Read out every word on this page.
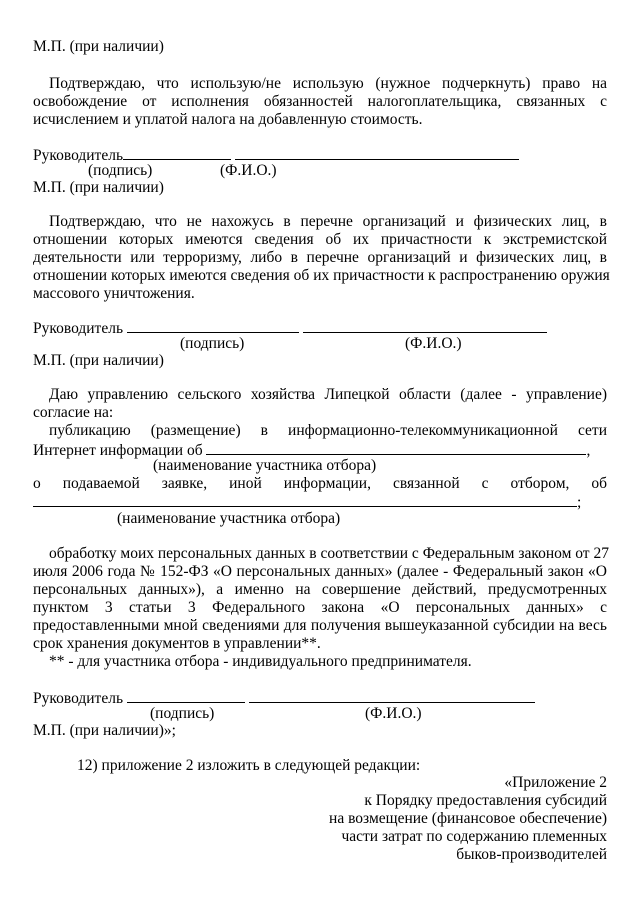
М.П. (при наличии)
Подтверждаю, что использую/не использую (нужное подчеркнуть) право на
освобождение от исполнения обязанностей налогоплательщика, связанных с
исчислением и уплатой налога на добавленную стоимость.
Руководитель
(подпись)	(Ф.И.О.)
М.П. (при наличии)
Подтверждаю, что не нахожусь в перечне организаций и физических лиц, в
отношении которых имеются сведения об их причастности к экстремистской
деятельности или терроризму, либо в перечне организаций и физических лиц, в
отношении которых имеются сведения об их причастности к распространению оружия
массового уничтожения.
Руководитель
(подпись)	(Ф.И.О.)
М.П. (при наличии)
Даю управлению сельского хозяйства Липецкой области (далее - управление)
согласие на:
публикацию (размещение) в информационно-телекоммуникационной сети
Интернет информации об	,
(наименование участника отбора)
о подаваемой заявке, иной информации, связанной с отбором, об
;
(наименование участника отбора)
обработку моих персональных данных в соответствии с Федеральным законом от 27
июля 2006 года № 152-ФЗ «О персональных данных» (далее - Федеральный закон «О
персональных данных»), а именно на совершение действий, предусмотренных
пунктом 3 статьи 3 Федерального закона «О персональных данных» с
предоставленными мной сведениями для получения вышеуказанной субсидии на весь
срок хранения документов в управлении**.
** - для участника отбора - индивидуального предпринимателя.
Руководитель
(подпись)	(Ф.И.О.)
М.П. (при наличии)»;
12) приложение 2 изложить в следующей редакции:
«Приложение 2
к Порядку предоставления субсидий
на возмещение (финансовое обеспечение)
части затрат по содержанию племенных
быков-производителей
